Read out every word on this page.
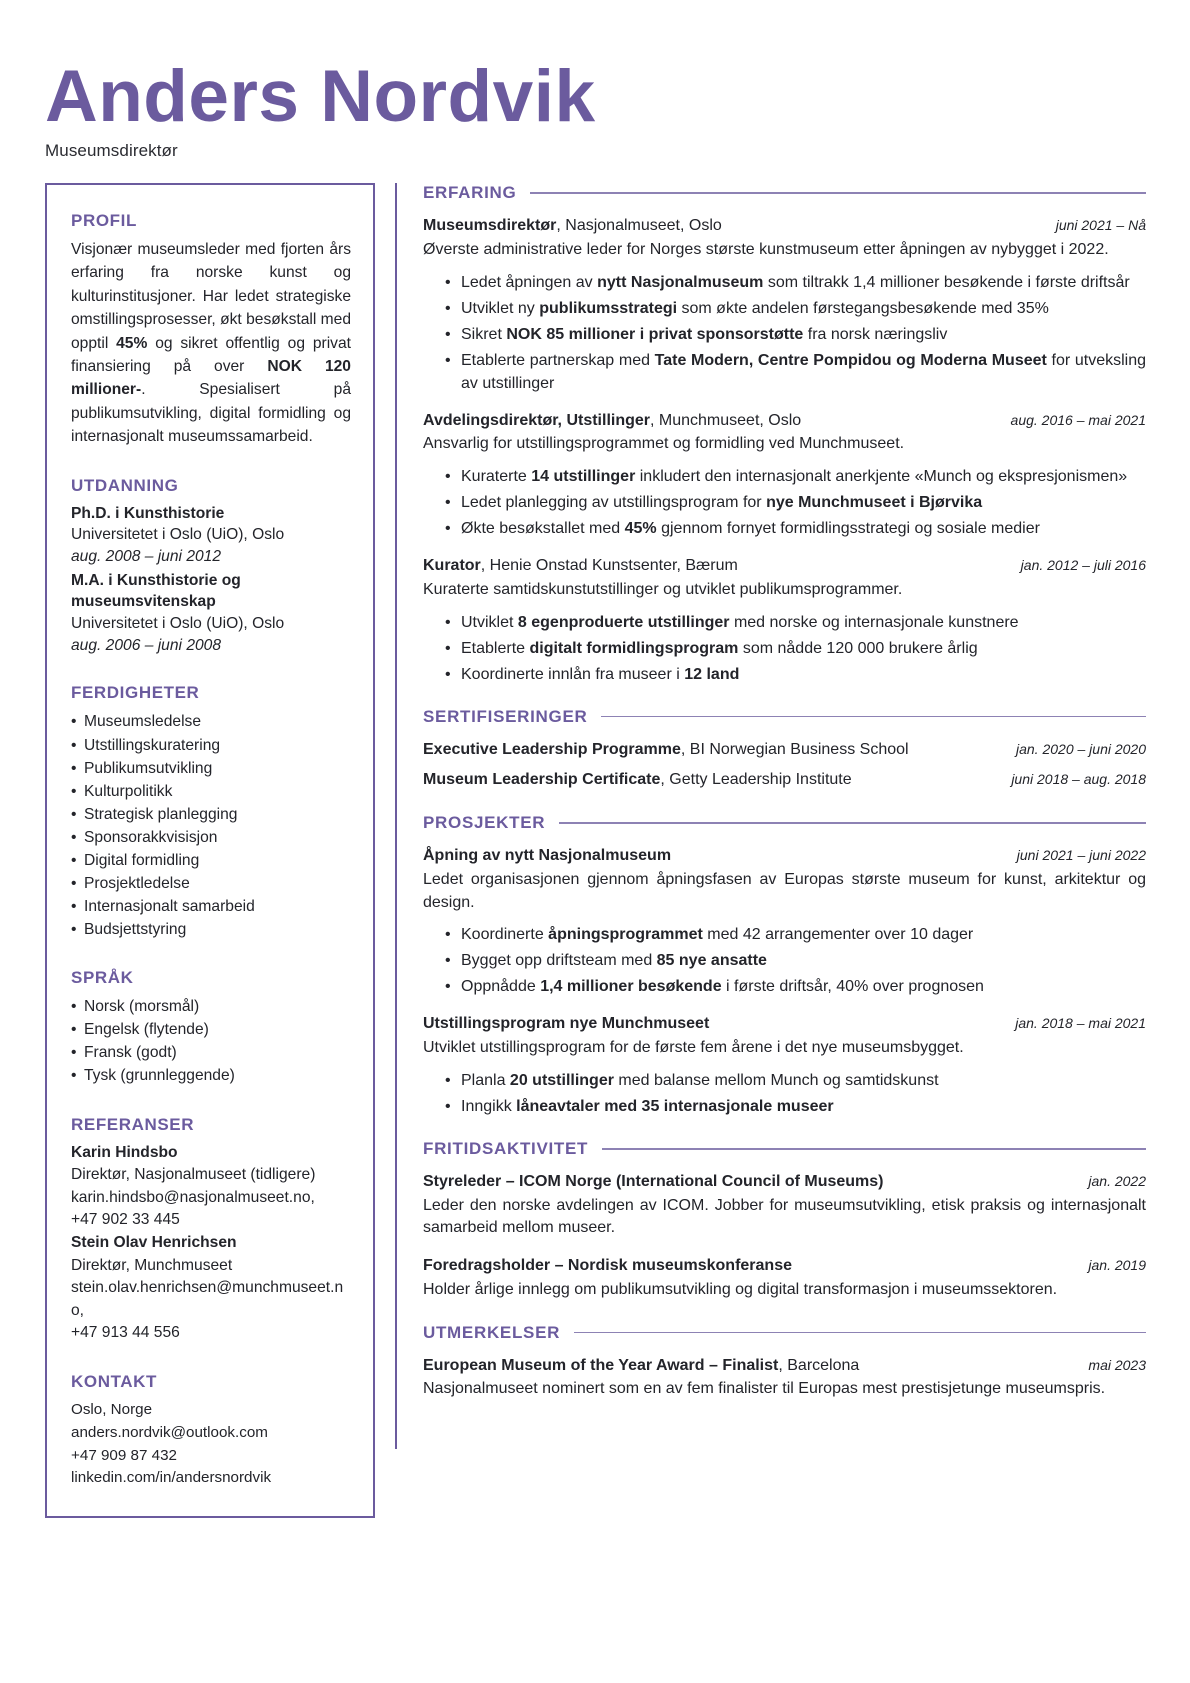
Anders Nordvik
Museumsdirektør
PROFIL
Visjonær museumsleder med fjorten års erfaring fra norske kunst og kulturinstitusjoner. Har ledet strategiske omstillingsprosesser, økt besøkstall med opptil 45% og sikret offentlig og privat finansiering på over NOK 120 millioner-. Spesialisert på publikumsutvikling, digital formidling og internasjonalt museumssamarbeid.
UTDANNING
Ph.D. i Kunsthistorie
Universitetet i Oslo (UiO), Oslo
aug. 2008 – juni 2012
M.A. i Kunsthistorie og museumsvitenskap
Universitetet i Oslo (UiO), Oslo
aug. 2006 – juni 2008
FERDIGHETER
• Museumsledelse
• Utstillingskuratering
• Publikumsutvikling
• Kulturpolitikk
• Strategisk planlegging
• Sponsorakkvisisjon
• Digital formidling
• Prosjektledelse
• Internasjonalt samarbeid
• Budsjettstyring
SPRÅK
• Norsk (morsmål)
• Engelsk (flytende)
• Fransk (godt)
• Tysk (grunnleggende)
REFERANSER
Karin Hindsbo
Direktør, Nasjonalmuseet (tidligere)
karin.hindsbo@nasjonalmuseet.no,
+47 902 33 445
Stein Olav Henrichsen
Direktør, Munchmuseet
stein.olav.henrichsen@munchmuseet.no,
+47 913 44 556
KONTAKT
Oslo, Norge
anders.nordvik@outlook.com
+47 909 87 432
linkedin.com/in/andersnordvik
ERFARING
Museumsdirektør, Nasjonalmuseet, Oslo	juni 2021 – Nå
Øverste administrative leder for Norges største kunstmuseum etter åpningen av nybygget i 2022.
• Ledet åpningen av nytt Nasjonalmuseum som tiltrakk 1,4 millioner besøkende i første driftsår
• Utviklet ny publikumsstrategi som økte andelen førstegangsbesøkende med 35%
• Sikret NOK 85 millioner i privat sponsorstøtte fra norsk næringsliv
• Etablerte partnerskap med Tate Modern, Centre Pompidou og Moderna Museet for utveksling av utstillinger
Avdelingsdirektør, Utstillinger, Munchmuseet, Oslo	aug. 2016 – mai 2021
Ansvarlig for utstillingsprogrammet og formidling ved Munchmuseet.
• Kuraterte 14 utstillinger inkludert den internasjonalt anerkjente «Munch og ekspresjonismen»
• Ledet planlegging av utstillingsprogram for nye Munchmuseet i Bjørvika
• Økte besøkstallet med 45% gjennom fornyet formidlingsstrategi og sosiale medier
Kurator, Henie Onstad Kunstsenter, Bærum	jan. 2012 – juli 2016
Kuraterte samtidskunstutstillinger og utviklet publikumsprogrammer.
• Utviklet 8 egenproduerte utstillinger med norske og internasjonale kunstnere
• Etablerte digitalt formidlingsprogram som nådde 120 000 brukere årlig
• Koordinerte innlån fra museer i 12 land
SERTIFISERINGER
Executive Leadership Programme, BI Norwegian Business School	jan. 2020 – juni 2020
Museum Leadership Certificate, Getty Leadership Institute	juni 2018 – aug. 2018
PROSJEKTER
Åpning av nytt Nasjonalmuseum	juni 2021 – juni 2022
Ledet organisasjonen gjennom åpningsfasen av Europas største museum for kunst, arkitektur og design.
• Koordinerte åpningsprogrammet med 42 arrangementer over 10 dager
• Bygget opp driftsteam med 85 nye ansatte
• Oppnådde 1,4 millioner besøkende i første driftsår, 40% over prognosen
Utstillingsprogram nye Munchmuseet	jan. 2018 – mai 2021
Utviklet utstillingsprogram for de første fem årene i det nye museumsbygget.
• Planla 20 utstillinger med balanse mellom Munch og samtidskunst
• Inngikk låneavtaler med 35 internasjonale museer
FRITIDSAKTIVITET
Styreleder – ICOM Norge (International Council of Museums)	jan. 2022
Leder den norske avdelingen av ICOM. Jobber for museumsutvikling, etisk praksis og internasjonalt samarbeid mellom museer.
Foredragsholder – Nordisk museumskonferanse	jan. 2019
Holder årlige innlegg om publikumsutvikling og digital transformasjon i museumssektoren.
UTMERKELSER
European Museum of the Year Award – Finalist, Barcelona	mai 2023
Nasjonalmuseet nominert som en av fem finalister til Europas mest prestisjetunge museumspris.
